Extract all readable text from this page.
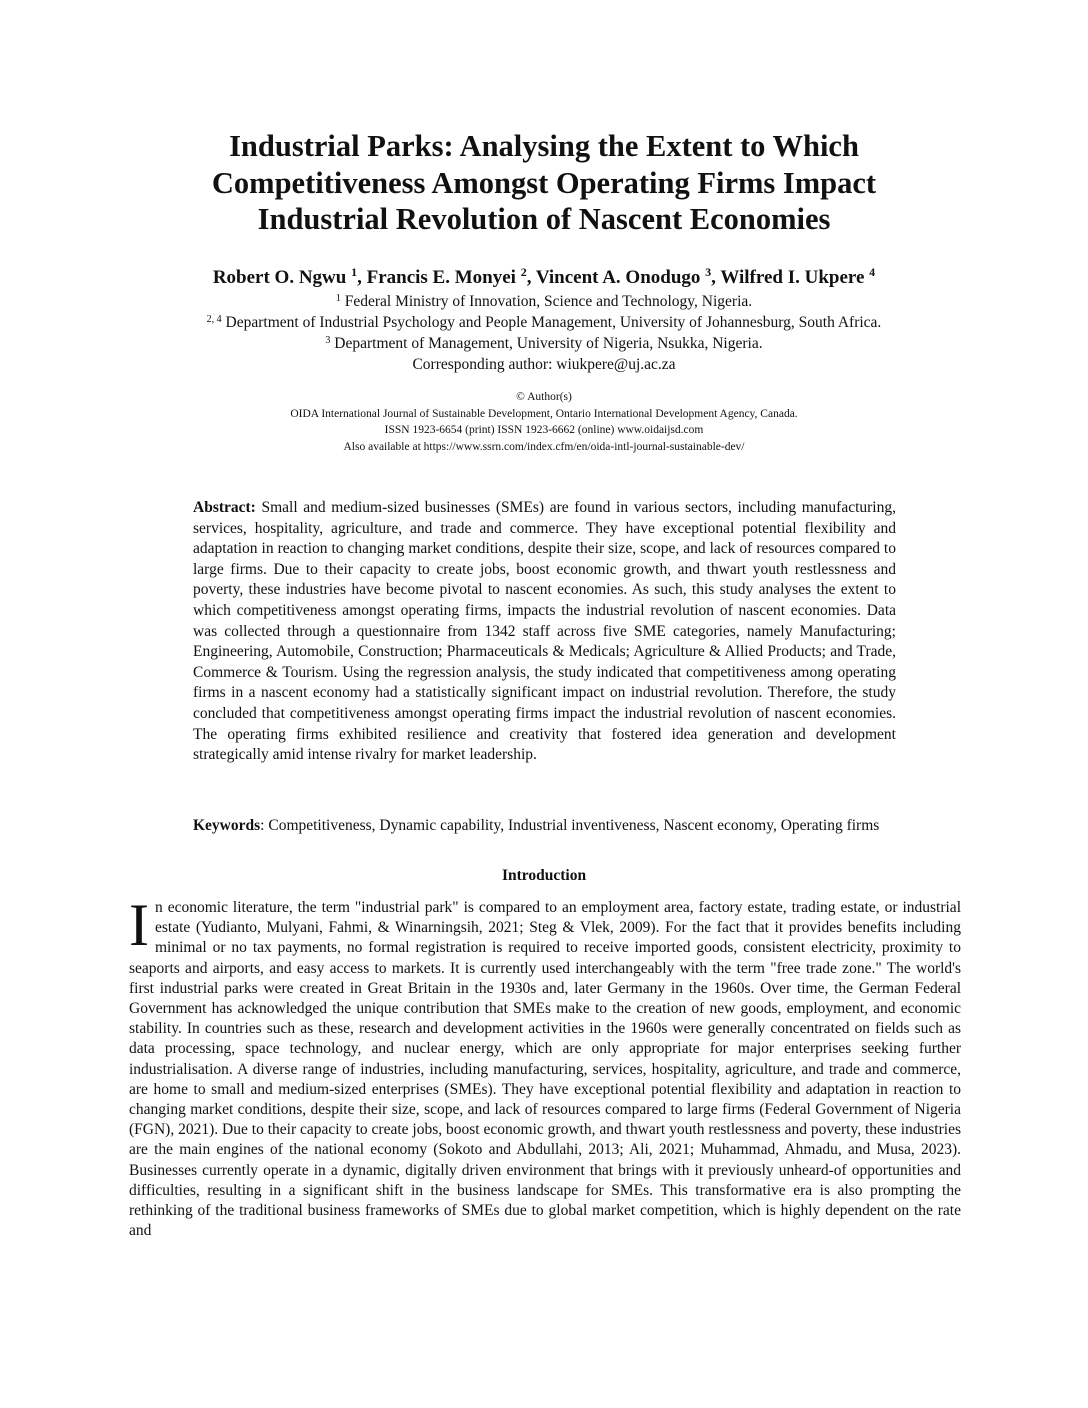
Industrial Parks: Analysing the Extent to Which
Competitiveness Amongst Operating Firms Impact
Industrial Revolution of Nascent Economies

Robert O. Ngwu $^1$, Francis E. Monyei $^2$, Vincent A. Onodugo $^3$, Wilfred I. Ukpere $^4$

$^1$ Federal Ministry of Innovation, Science and Technology, Nigeria.
$^{2, 4}$ Department of Industrial Psychology and People Management, University of Johannesburg, South Africa.
$^3$ Department of Management, University of Nigeria, Nsukka, Nigeria.
Corresponding author: wiukpere@uj.ac.za
© Author(s)
OIDA International Journal of Sustainable Development, Ontario International Development Agency, Canada.
ISSN 1923-6654 (print) ISSN 1923-6662 (online) www.oidaijsd.com
Also available at https://www.ssrn.com/index.cfm/en/oida-intl-journal-sustainable-dev/

Abstract: Small and medium-sized businesses (SMEs) are found in various sectors, including manufacturing, services, hospitality, agriculture, and trade and commerce. They have exceptional potential flexibility and adaptation in reaction to changing market conditions, despite their size, scope, and lack of resources compared to large firms. Due to their capacity to create jobs, boost economic growth, and thwart youth restlessness and poverty, these industries have become pivotal to nascent economies. As such, this study analyses the extent to which competitiveness amongst operating firms, impacts the industrial revolution of nascent economies. Data was collected through a questionnaire from 1342 staff across five SME categories, namely Manufacturing; Engineering, Automobile, Construction; Pharmaceuticals & Medicals; Agriculture & Allied Products; and Trade, Commerce & Tourism. Using the regression analysis, the study indicated that competitiveness among operating firms in a nascent economy had a statistically significant impact on industrial revolution. Therefore, the study concluded that competitiveness amongst operating firms impact the industrial revolution of nascent economies. The operating firms exhibited resilience and creativity that fostered idea generation and development strategically amid intense rivalry for market leadership.

Keywords: Competitiveness, Dynamic capability, Industrial inventiveness, Nascent economy, Operating firms

Introduction

In economic literature, the term "industrial park" is compared to an employment area, factory estate, trading estate, or industrial estate (Yudianto, Mulyani, Fahmi, & Winarningsih, 2021; Steg & Vlek, 2009). For the fact that it provides benefits including minimal or no tax payments, no formal registration is required to receive imported goods, consistent electricity, proximity to seaports and airports, and easy access to markets. It is currently used interchangeably with the term "free trade zone." The world's first industrial parks were created in Great Britain in the 1930s and, later Germany in the 1960s. Over time, the German Federal Government has acknowledged the unique contribution that SMEs make to the creation of new goods, employment, and economic stability. In countries such as these, research and development activities in the 1960s were generally concentrated on fields such as data processing, space technology, and nuclear energy, which are only appropriate for major enterprises seeking further industrialisation. A diverse range of industries, including manufacturing, services, hospitality, agriculture, and trade and commerce, are home to small and medium-sized enterprises (SMEs). They have exceptional potential flexibility and adaptation in reaction to changing market conditions, despite their size, scope, and lack of resources compared to large firms (Federal Government of Nigeria (FGN), 2021). Due to their capacity to create jobs, boost economic growth, and thwart youth restlessness and poverty, these industries are the main engines of the national economy (Sokoto and Abdullahi, 2013; Ali, 2021; Muhammad, Ahmadu, and Musa, 2023). Businesses currently operate in a dynamic, digitally driven environment that brings with it previously unheard-of opportunities and difficulties, resulting in a significant shift in the business landscape for SMEs. This transformative era is also prompting the rethinking of the traditional business frameworks of SMEs due to global market competition, which is highly dependent on the rate and
